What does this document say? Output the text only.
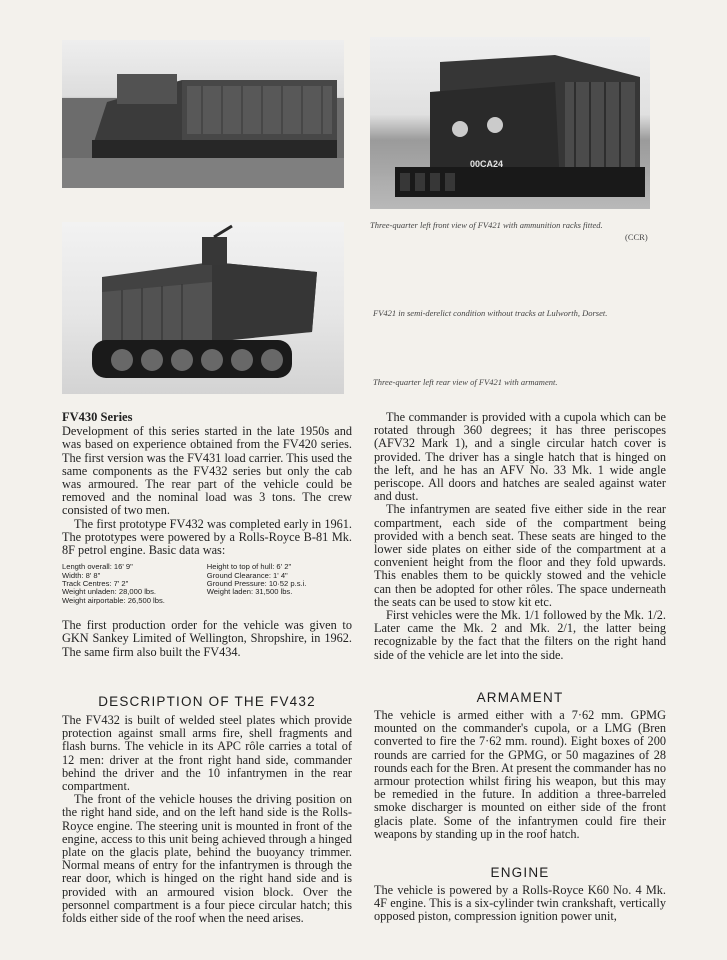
00CA24
Three-quarter left front view of FV421 with ammunition racks fitted.
(CCR)
FV421 in semi-derelict condition without tracks at Lulworth, Dorset.
Three-quarter left rear view of FV421 with armament.
FV430 Series

Development of this series started in the late 1950s and was based on experience obtained from the FV420 series. The first version was the FV431 load carrier. This used the same components as the FV432 series but only the cab was armoured. The rear part of the vehicle could be removed and the nominal load was 3 tons. The crew consisted of two men.

The first prototype FV432 was completed early in 1961. The prototypes were powered by a Rolls-Royce B-81 Mk. 8F petrol engine. Basic data was:

Length overall: 16' 9"	Height to top of hull: 6' 2"
Width: 8' 8"	Ground Clearance: 1' 4"
Track Centres: 7' 2"	Ground Pressure: 10·52 p.s.i.
Weight unladen: 28,000 lbs.	Weight laden: 31,500 lbs.
Weight airportable: 26,500 lbs.	

The first production order for the vehicle was given to GKN Sankey Limited of Wellington, Shropshire, in 1962. The same firm also built the FV434.

DESCRIPTION OF THE FV432

The FV432 is built of welded steel plates which provide protection against small arms fire, shell fragments and flash burns. The vehicle in its APC rôle carries a total of 12 men: driver at the front right hand side, commander behind the driver and the 10 infantrymen in the rear compartment.

The front of the vehicle houses the driving position on the right hand side, and on the left hand side is the Rolls-Royce engine. The steering unit is mounted in front of the engine, access to this unit being achieved through a hinged plate on the glacis plate, behind the buoyancy trimmer. Normal means of entry for the infantrymen is through the rear door, which is hinged on the right hand side and is provided with an armoured vision block. Over the personnel compartment is a four piece circular hatch; this folds either side of the roof when the need arises.

The commander is provided with a cupola which can be rotated through 360 degrees; it has three periscopes (AFV32 Mark 1), and a single circular hatch cover is provided. The driver has a single hatch that is hinged on the left, and he has an AFV No. 33 Mk. 1 wide angle periscope. All doors and hatches are sealed against water and dust.

The infantrymen are seated five either side in the rear compartment, each side of the compartment being provided with a bench seat. These seats are hinged to the lower side plates on either side of the compartment at a convenient height from the floor and they fold upwards. This enables them to be quickly stowed and the vehicle can then be adopted for other rôles. The space underneath the seats can be used to stow kit etc.

First vehicles were the Mk. 1/1 followed by the Mk. 1/2. Later came the Mk. 2 and Mk. 2/1, the latter being recognizable by the fact that the filters on the right hand side of the vehicle are let into the side.

ARMAMENT

The vehicle is armed either with a 7·62 mm. GPMG mounted on the commander's cupola, or a LMG (Bren converted to fire the 7·62 mm. round). Eight boxes of 200 rounds are carried for the GPMG, or 50 magazines of 28 rounds each for the Bren. At present the commander has no armour protection whilst firing his weapon, but this may be remedied in the future. In addition a three-barreled smoke discharger is mounted on either side of the front glacis plate. Some of the infantrymen could fire their weapons by standing up in the roof hatch.

ENGINE

The vehicle is powered by a Rolls-Royce K60 No. 4 Mk. 4F engine. This is a six-cylinder twin crankshaft, vertically opposed piston, compression ignition power unit,
